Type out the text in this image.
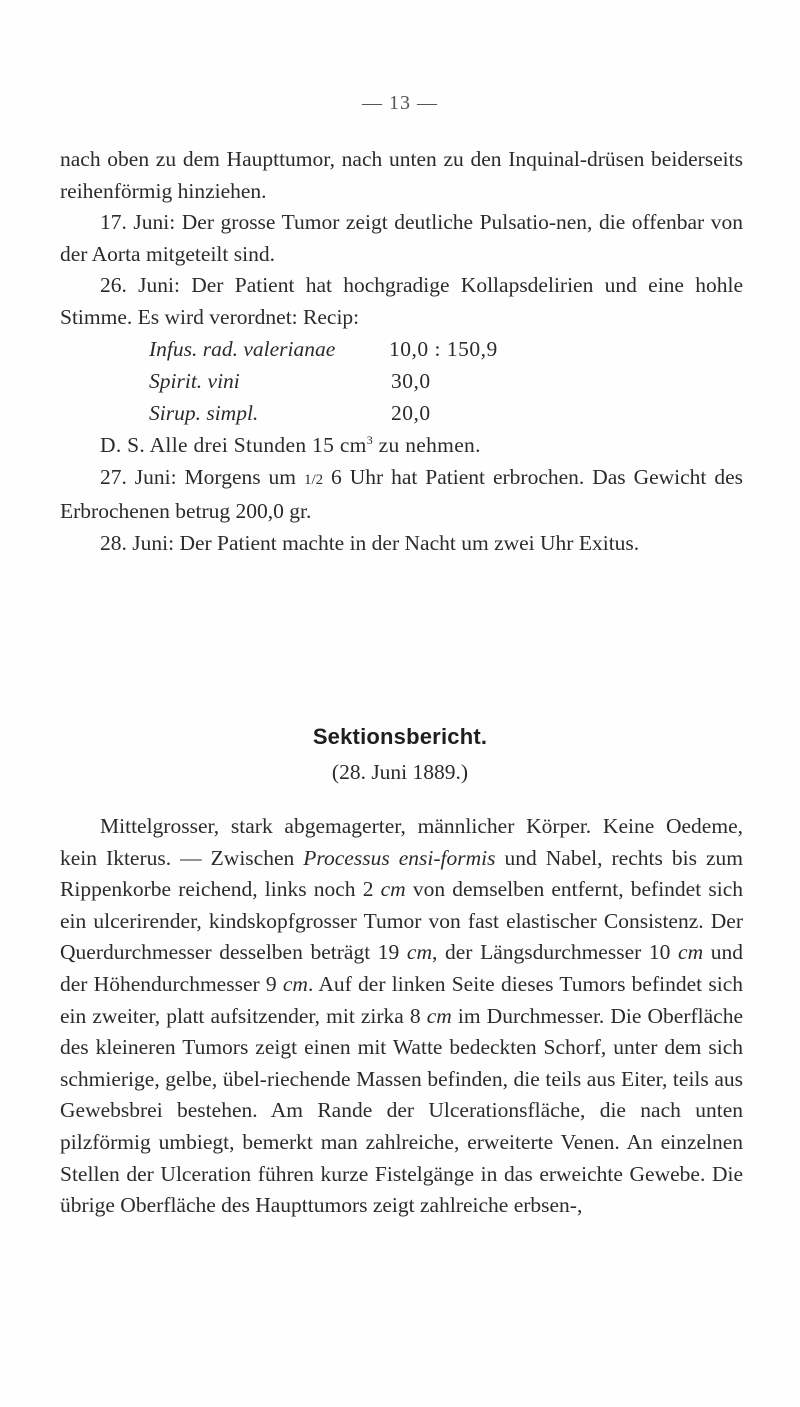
— 13 —

nach oben zu dem Haupttumor, nach unten zu den Inquinal-drüsen beiderseits reihenförmig hinziehen.

17. Juni: Der grosse Tumor zeigt deutliche Pulsatio-nen, die offenbar von der Aorta mitgeteilt sind.

26. Juni: Der Patient hat hochgradige Kollapsdelirien und eine hohle Stimme. Es wird verordnet: Recip:

Infus. rad. valerianae	10,0 : 150,9
Spirit. vini	30,0
Sirup. simpl.	20,0
D. S. Alle drei Stunden 15 $cm^3$ zu nehmen.

27. Juni: Morgens um 1/2 6 Uhr hat Patient erbrochen. Das Gewicht des Erbrochenen betrug 200,0 gr.

28. Juni: Der Patient machte in der Nacht um zwei Uhr Exitus.

Sektionsbericht.
(28. Juni 1889.)

Mittelgrosser, stark abgemagerter, männlicher Körper. Keine Oedeme, kein Ikterus. — Zwischen Processus ensi-formis und Nabel, rechts bis zum Rippenkorbe reichend, links noch 2 cm von demselben entfernt, befindet sich ein ulcerirender, kindskopfgrosser Tumor von fast elastischer Consistenz. Der Querdurchmesser desselben beträgt 19 cm, der Längsdurchmesser 10 cm und der Höhendurchmesser 9 cm. Auf der linken Seite dieses Tumors befindet sich ein zweiter, platt aufsitzender, mit zirka 8 cm im Durchmesser. Die Oberfläche des kleineren Tumors zeigt einen mit Watte bedeckten Schorf, unter dem sich schmierige, gelbe, übel-riechende Massen befinden, die teils aus Eiter, teils aus Gewebsbrei bestehen. Am Rande der Ulcerationsfläche, die nach unten pilzförmig umbiegt, bemerkt man zahlreiche, erweiterte Venen. An einzelnen Stellen der Ulceration führen kurze Fistelgänge in das erweichte Gewebe. Die übrige Oberfläche des Haupttumors zeigt zahlreiche erbsen-,
